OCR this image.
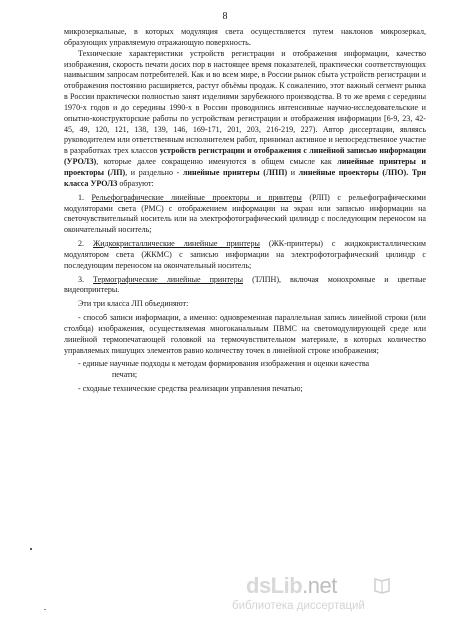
8

микрозеркальные, в которых модуляция света осуществляется путем наклонов микрозеркал, образующих управляемую отражающую поверхность.

Технические характеристики устройств регистрации и отображения информации, качество изображения, скорость печати досих пор в настоящее время показателей, практически соответствующих наивысшим запросам потребителей. Как и во всем мире, в России рынок сбыта устройств регистрации и отображения постоянно расширяется, растут объёмы продаж. К сожалению, этот важный сегмент рынка в России практически полностью занят изделиями зарубежного производства. В то же время с середины 1970-х годов и до середины 1990-х в России проводились интенсивные научно-исследовательские и опытно-конструкторские работы по устройствам регистрации и отображения информации [6-9, 23, 42-45, 49, 120, 121, 138, 139, 146, 169-171, 201, 203, 216-219, 227). Автор диссертации, являясь руководителем или ответственным исполнителем работ, принимал активное и непосредственное участие в разработках трех классов устройств регистрации и отображения с линейной записью информации (УРОЛЗ), которые далее сокращенно именуются в общем смысле как линейные принтеры и проекторы (ЛП), и раздельно - линейные принтеры (ЛПП) и линейные проекторы (ЛПО). Три класса УРОЛЗ образуют:

1. Рельефографические линейные проекторы и принтеры (РЛП) с рельефографическими модуляторами света (РМС) с отображением информации на экран или записью информации на светочувствительный носитель или на электрофотографический цилиндр с последующим переносом на окончательный носитель;

2. Жидкокристаллические линейные принтеры (ЖК-принтеры) с жидкокристаллическим модулятором света (ЖКМС) с записью информации на электрофотографический цилиндр с последующим переносом на окончательный носитель;

3. Термографические линейные принтеры (ТЛПН), включая монохромные и цветные видеопринтеры.

Эти три класса ЛП объединяют:

- способ записи информации, а именно: одновременная параллельная запись линейной строки (или столбца) изображения, осуществляемая многоканальным ПВМС на светомодулирующей среде или линейной термопечатающей головкой на термочувствительном материале, в которых количество управляемых пишущих элементов равно количеству точек в линейной строке изображения;

- единые научные подходы к методам формирования изображения и оценки качества

печати;

- сходные технические средства реализации управления печатью;

dsLib.net
библиотека диссертаций
